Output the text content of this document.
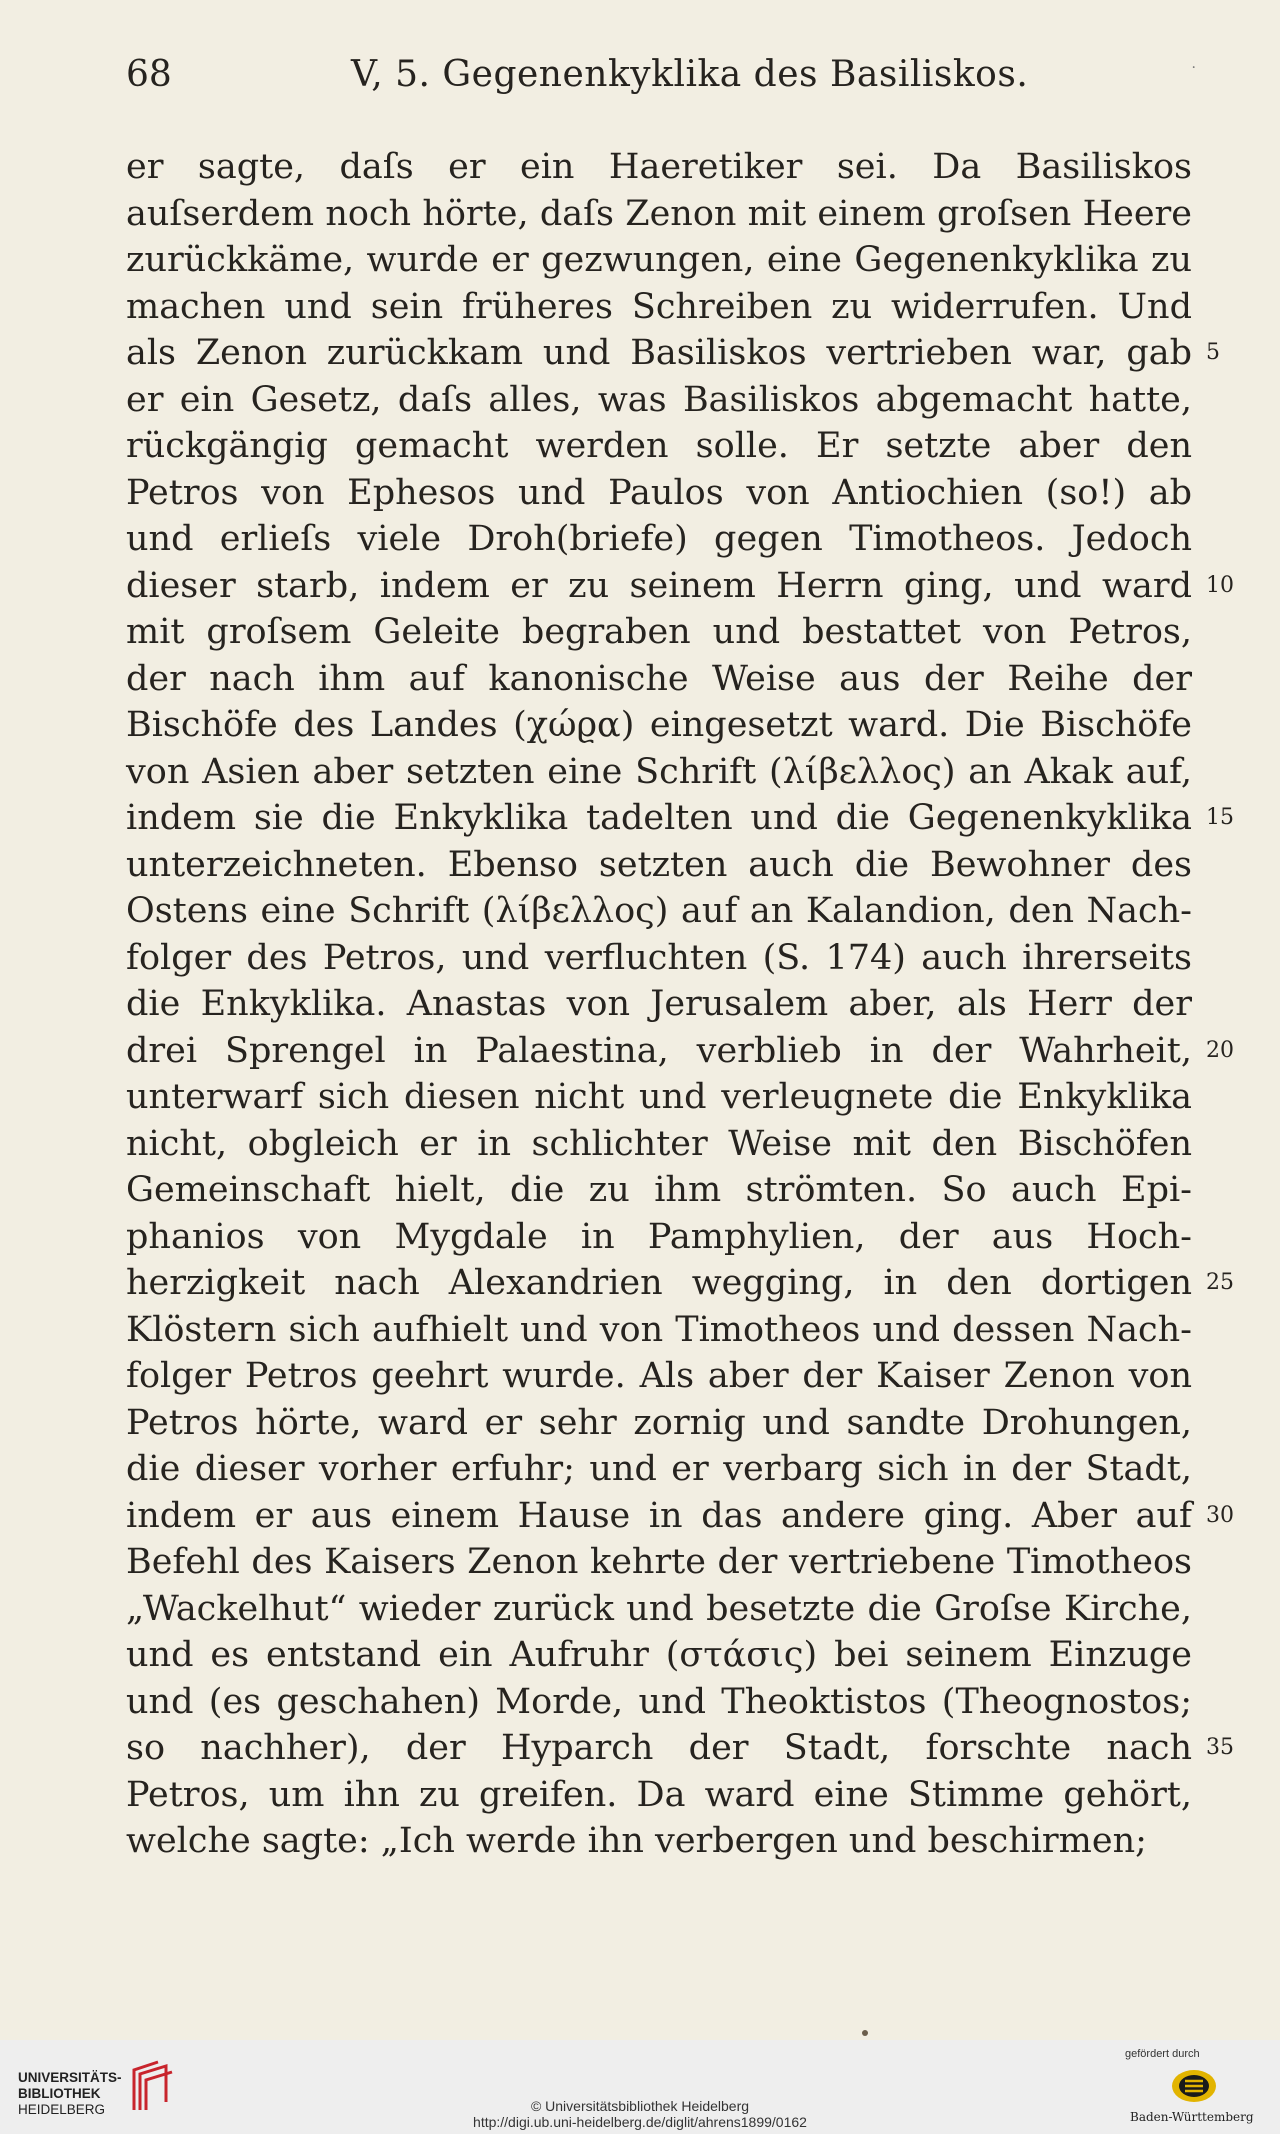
68	V, 5. Gegenenkyklika des Basiliskos.	·
er sagte, daſs er ein Haeretiker sei. Da Basiliskos
auſserdem noch hörte, daſs Zenon mit einem groſsen Heere
zurückkäme, wurde er gezwungen, eine Gegenenkyklika zu
machen und sein früheres Schreiben zu widerrufen. Und
als Zenon zurückkam und Basiliskos vertrieben war, gab 5
er ein Gesetz, daſs alles, was Basiliskos abgemacht hatte,
rückgängig gemacht werden solle. Er setzte aber den
Petros von Ephesos und Paulos von Antiochien (so!) ab
und erlieſs viele Droh(briefe) gegen Timotheos. Jedoch
dieser starb, indem er zu seinem Herrn ging, und ward 10
mit groſsem Geleite begraben und bestattet von Petros,
der nach ihm auf kanonische Weise aus der Reihe der
Bischöfe des Landes (χώϱα) eingesetzt ward. Die Bischöfe
von Asien aber setzten eine Schrift (λίβελλος) an Akak auf,
indem sie die Enkyklika tadelten und die Gegenenkyklika 15
unterzeichneten. Ebenso setzten auch die Bewohner des
Ostens eine Schrift (λίβελλος) auf an Kalandion, den Nach-
folger des Petros, und verfluchten (S. 174) auch ihrerseits
die Enkyklika. Anastas von Jerusalem aber, als Herr der
drei Sprengel in Palaestina, verblieb in der Wahrheit, 20
unterwarf sich diesen nicht und verleugnete die Enkyklika
nicht, obgleich er in schlichter Weise mit den Bischöfen
Gemeinschaft hielt, die zu ihm strömten. So auch Epi-
phanios von Mygdale in Pamphylien, der aus Hoch-
herzigkeit nach Alexandrien wegging, in den dortigen 25
Klöstern sich aufhielt und von Timotheos und dessen Nach-
folger Petros geehrt wurde. Als aber der Kaiser Zenon von
Petros hörte, ward er sehr zornig und sandte Drohungen,
die dieser vorher erfuhr; und er verbarg sich in der Stadt,
indem er aus einem Hause in das andere ging. Aber auf 30
Befehl des Kaisers Zenon kehrte der vertriebene Timotheos
„Wackelhut“ wieder zurück und besetzte die Groſse Kirche,
und es entstand ein Aufruhr (στάσις) bei seinem Einzuge
und (es geschahen) Morde, und Theoktistos (Theognostos;
so nachher), der Hyparch der Stadt, forschte nach 35
Petros, um ihn zu greifen. Da ward eine Stimme gehört,
welche sagte: „Ich werde ihn verbergen und beschirmen;
UNIVERSITÄTS-
BIBLIOTHEK
HEIDELBERG	© Universitätsbibliothek Heidelberg
http://digi.ub.uni-heidelberg.de/diglit/ahrens1899/0162
gefördert durch
Baden-Württemberg
